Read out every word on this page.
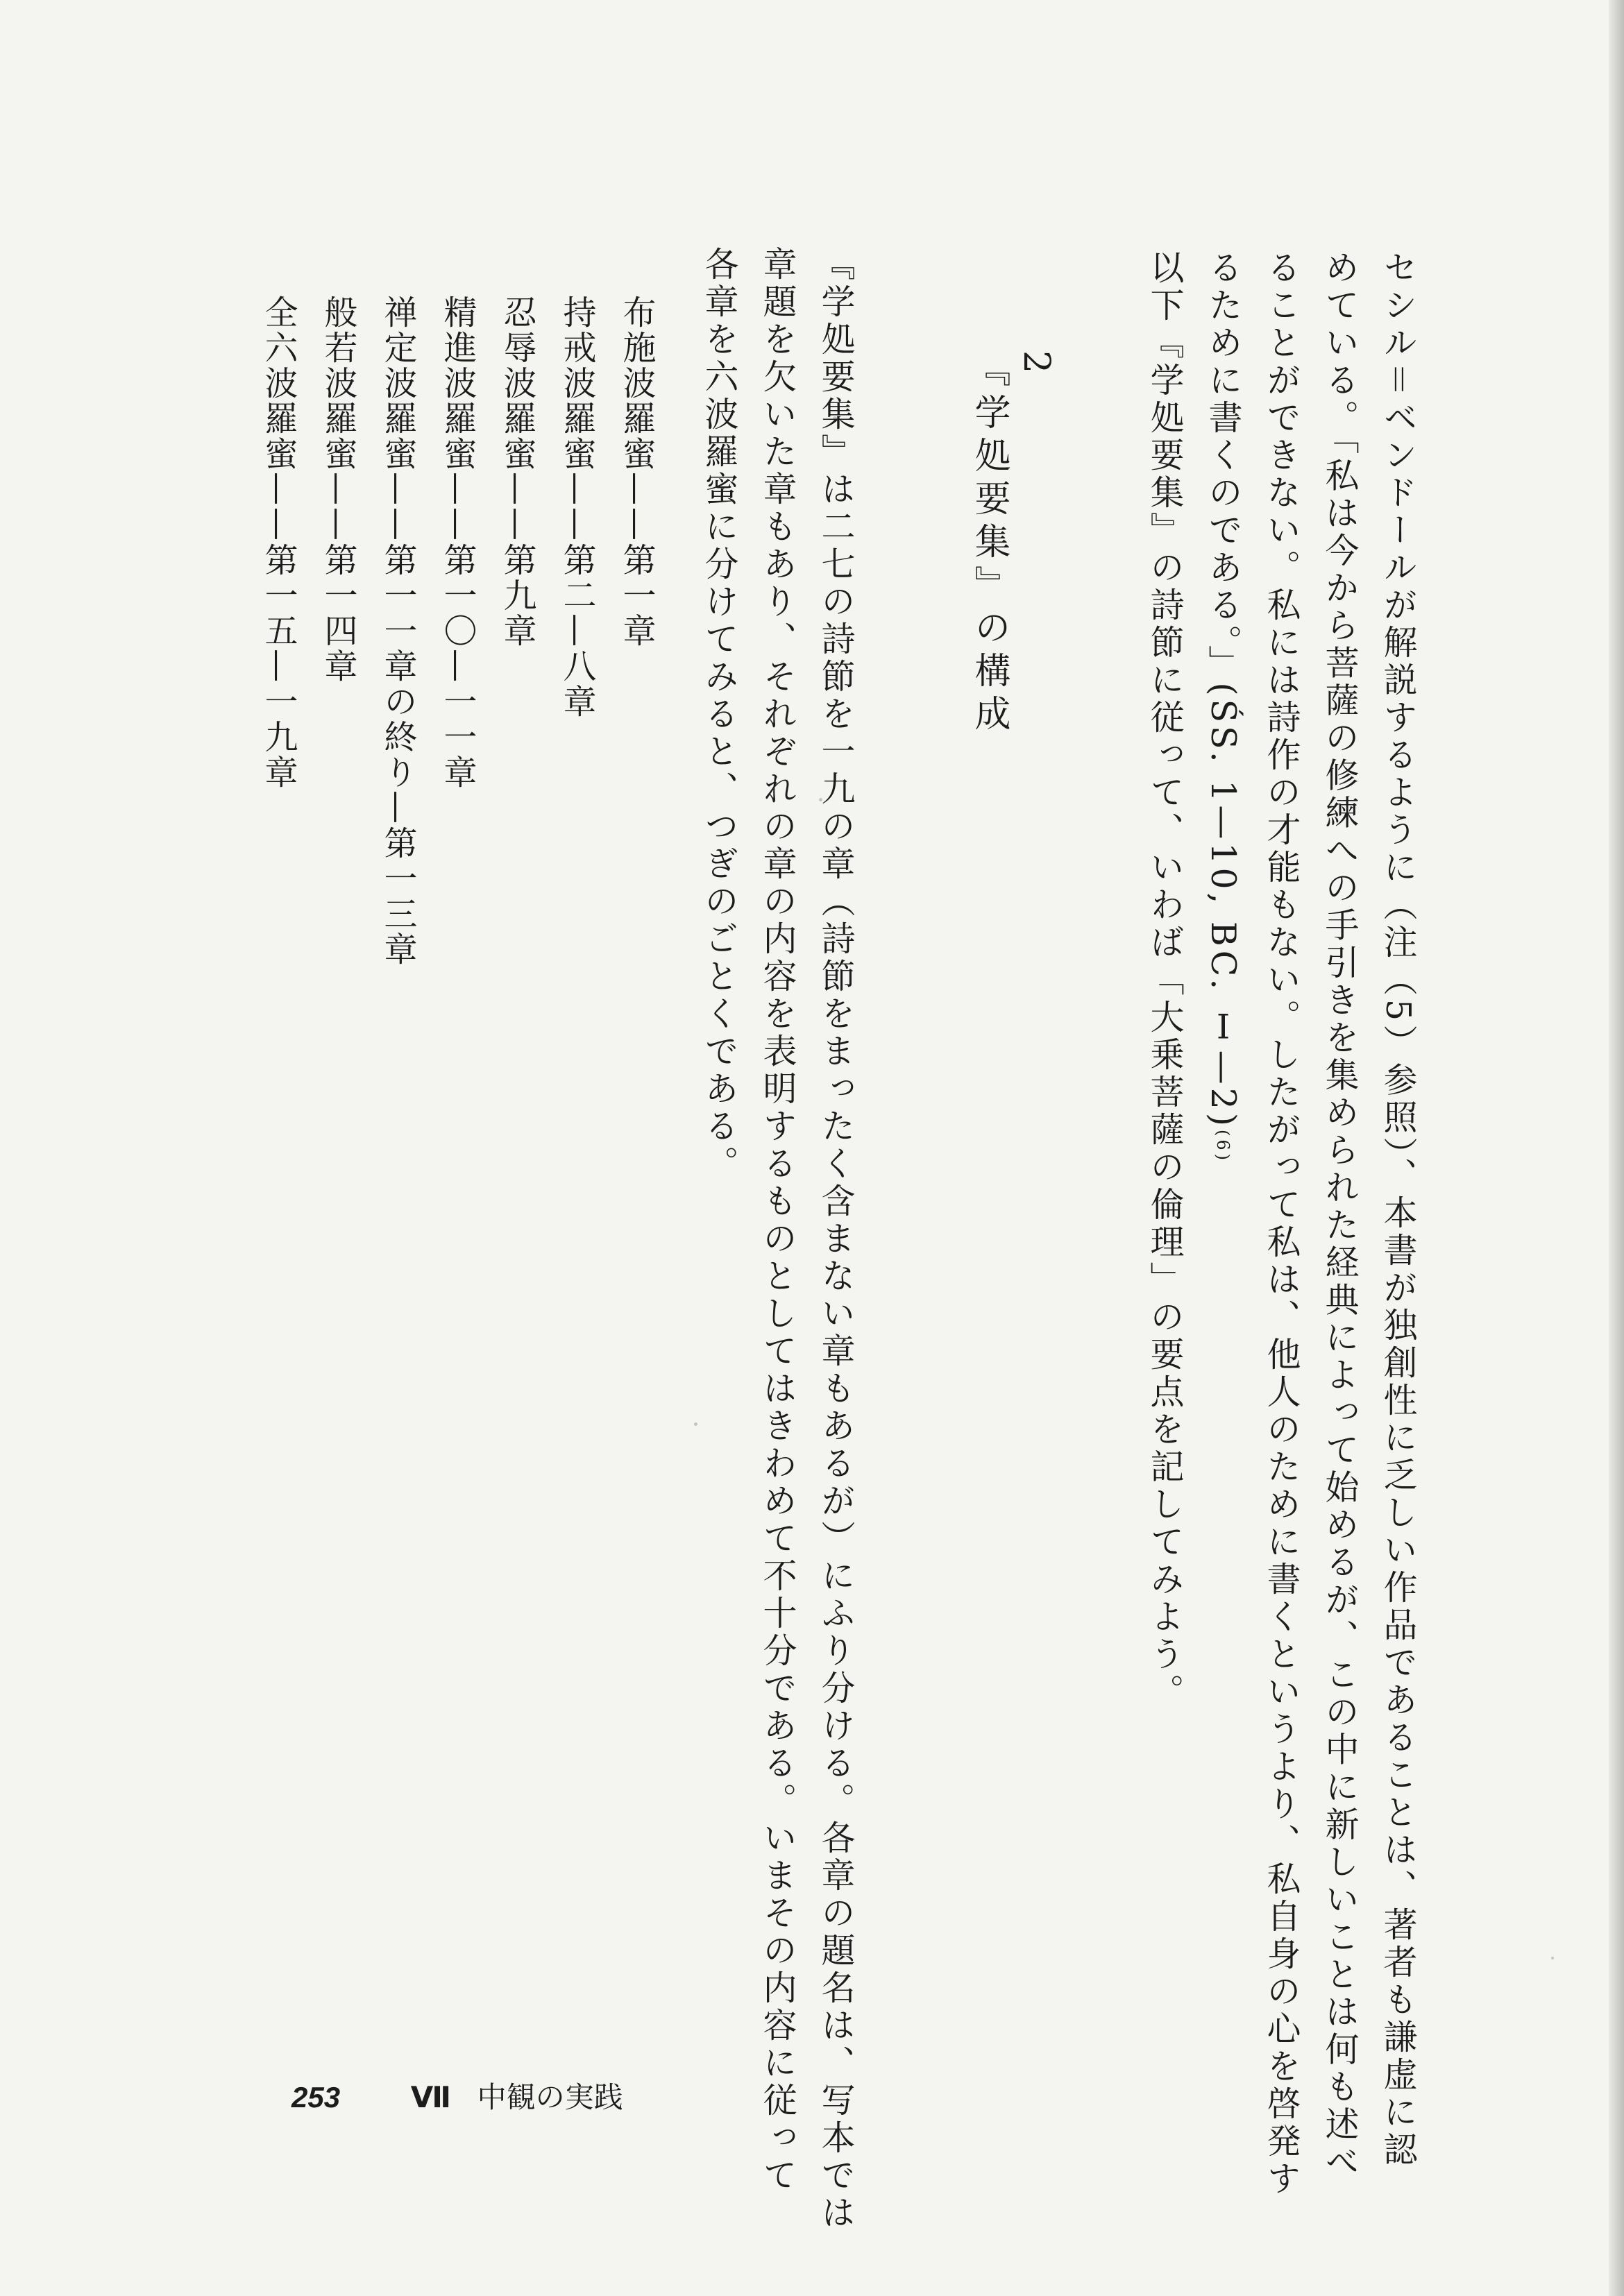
セシル＝ベンドールが解説するように（注（5）参照）、本書が独創性に乏しい作品であることは、著者も謙虚に認
めている。「私は今から菩薩の修練への手引きを集められた経典によって始めるが、この中に新しいことは何も述べ
ることができない。私には詩作の才能もない。したがって私は、他人のために書くというより、私自身の心を啓発す
るために書くのである。」(ŚS. 1—10, BC. Ⅰ—2)(6)
以下『学処要集』の詩節に従って、いわば「大乗菩薩の倫理」の要点を記してみよう。
2
『学処要集』の構成
『学処要集』は二七の詩節を一九の章（詩節をまったく含まない章もあるが）にふり分ける。各章の題名は、写本では
章題を欠いた章もあり、それぞれの章の内容を表明するものとしてはきわめて不十分である。いまその内容に従って
各章を六波羅蜜に分けてみると、つぎのごとくである。
布施波羅蜜——第一章
持戒波羅蜜——第二—八章
忍辱波羅蜜——第九章
精進波羅蜜——第一〇—一一章
禅定波羅蜜——第一一章の終り—第一三章
般若波羅蜜——第一四章
全六波羅蜜——第一五—一九章
253 Ⅶ 中観の実践
